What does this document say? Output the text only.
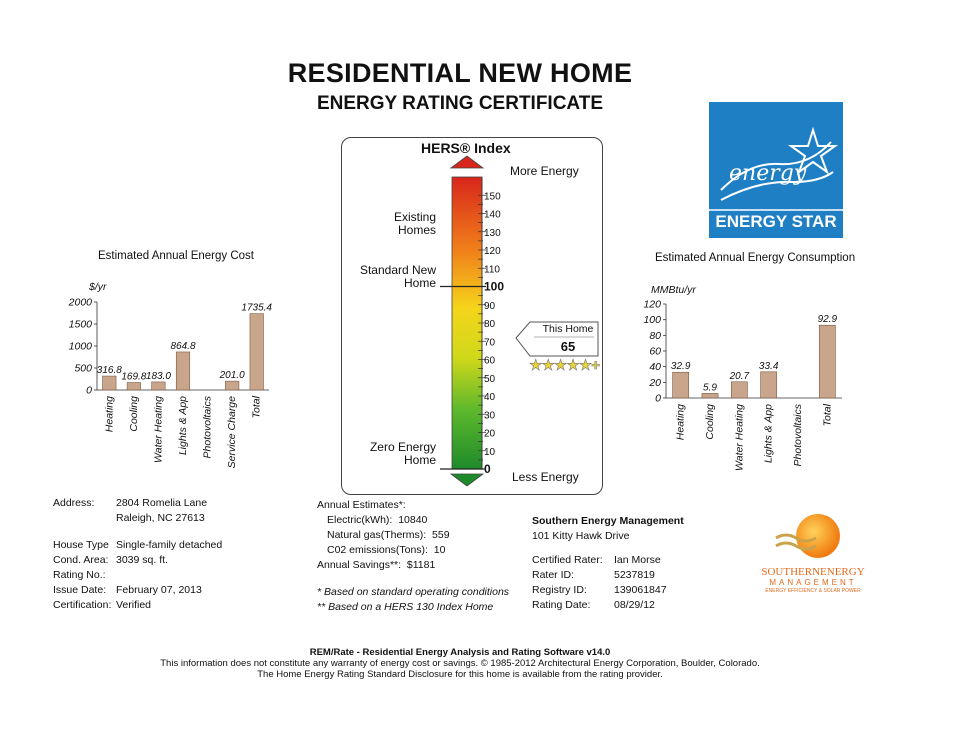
RESIDENTIAL NEW HOME
ENERGY RATING CERTIFICATE
energy
ENERGY STAR
Estimated Annual Energy Cost
$/yr
0
500
1000
1500
2000
316.8
Heating
169.8
Cooling
183.0
Water Heating
864.8
Lights & App Photovoltaics
201.0
Service Charge
1735.4
Total
Estimated Annual Energy Consumption
MMBtu/yr
0
20
40
60
80
100
120
32.9
Heating
5.9
Cooling
20.7
Water Heating
33.4
Lights & App Photovoltaics
92.9
Total
HERS® Index
More Energy
Less Energy
Existing Homes
Standard New Home
Zero Energy Home
0
10
20
30
40
50
60
70
80
90
100
110
120
130
140
150
This Home
65
★★★★★+
Address:	2804 Romelia Lane
	Raleigh, NC 27613

House Type	Single-family detached
Cond. Area:	3039 sq. ft.
Rating No.:	
Issue Date:	February 07, 2013
Certification:	Verified
Annual Estimates*:
Electric(kWh): 10840
Natural gas(Therms): 559
C02 emissions(Tons): 10
Annual Savings**: $1181
* Based on standard operating conditions
** Based on a HERS 130 Index Home
Southern Energy Management
101 Kitty Hawk Drive
Certified Rater:	Ian Morse
Rater ID:	5237819
Registry ID:	139061847
Rating Date:	08/29/12
SOUTHERNENERGY
MANAGEMENT
ENERGY EFFICIENCY & SOLAR POWER
REM/Rate - Residential Energy Analysis and Rating Software v14.0
This information does not constitute any warranty of energy cost or savings. © 1985-2012 Architectural Energy Corporation, Boulder, Colorado.
The Home Energy Rating Standard Disclosure for this home is available from the rating provider.
